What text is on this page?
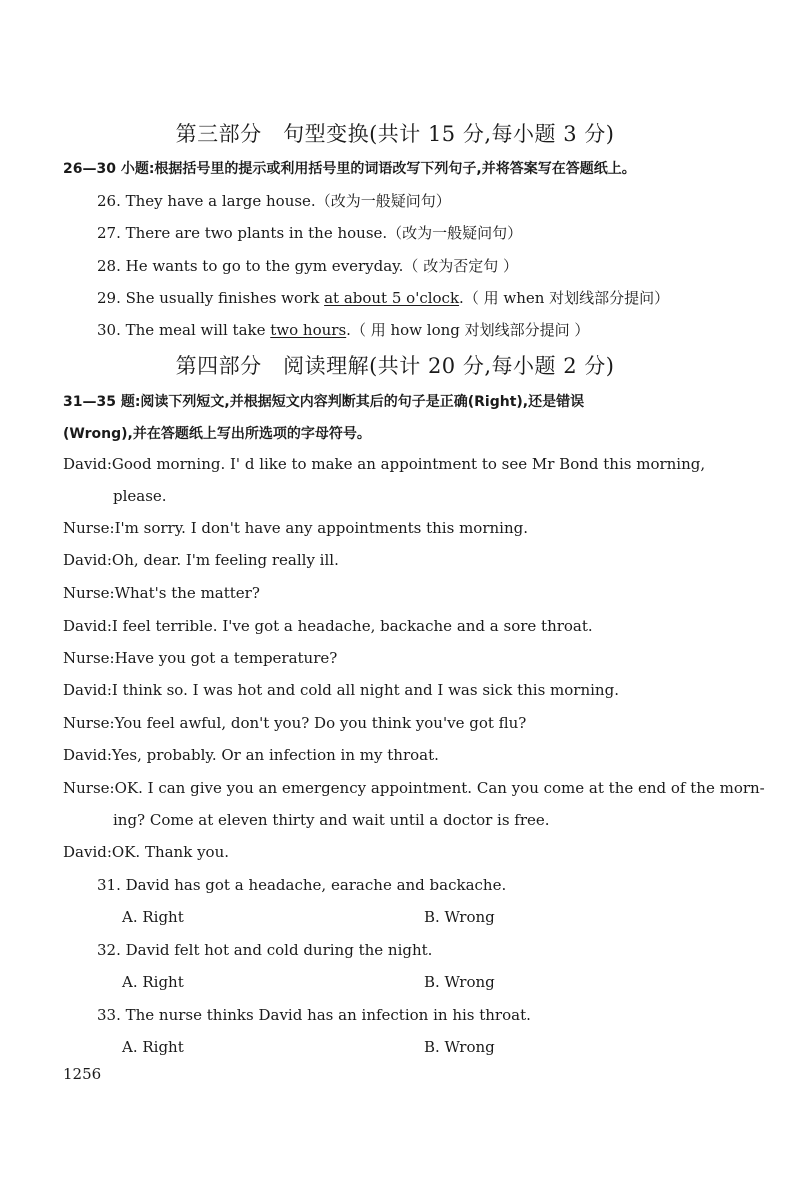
第三部分　句型变换(共计 15 分,每小题 3 分)
26—30 小题:根据括号里的提示或利用括号里的词语改写下列句子,并将答案写在答题纸上。
26. They have a large house.（改为一般疑问句）
27. There are two plants in the house.（改为一般疑问句）
28. He wants to go to the gym everyday.（ 改为否定句 ）
29. She usually finishes work at about 5 o'clock.（ 用 when 对划线部分提问）
30. The meal will take two hours.（ 用 how long 对划线部分提问 ）
第四部分　阅读理解(共计 20 分,每小题 2 分)
31—35 题:阅读下列短文,并根据短文内容判断其后的句子是正确(Right),还是错误
(Wrong),并在答题纸上写出所选项的字母符号。
David:Good morning. I' d like to make an appointment to see Mr Bond this morning,
please.
Nurse:I'm sorry. I don't have any appointments this morning.
David:Oh, dear. I'm feeling really ill.
Nurse:What's the matter?
David:I feel terrible. I've got a headache, backache and a sore throat.
Nurse:Have you got a temperature?
David:I think so. I was hot and cold all night and I was sick this morning.
Nurse:You feel awful, don't you? Do you think you've got flu?
David:Yes, probably. Or an infection in my throat.
Nurse:OK. I can give you an emergency appointment. Can you come at the end of the morn-
ing? Come at eleven thirty and wait until a doctor is free.
David:OK. Thank you.
31. David has got a headache, earache and backache.
A. Right	B. Wrong
32. David felt hot and cold during the night.
A. Right	B. Wrong
33. The nurse thinks David has an infection in his throat.
A. Right	B. Wrong
1256
